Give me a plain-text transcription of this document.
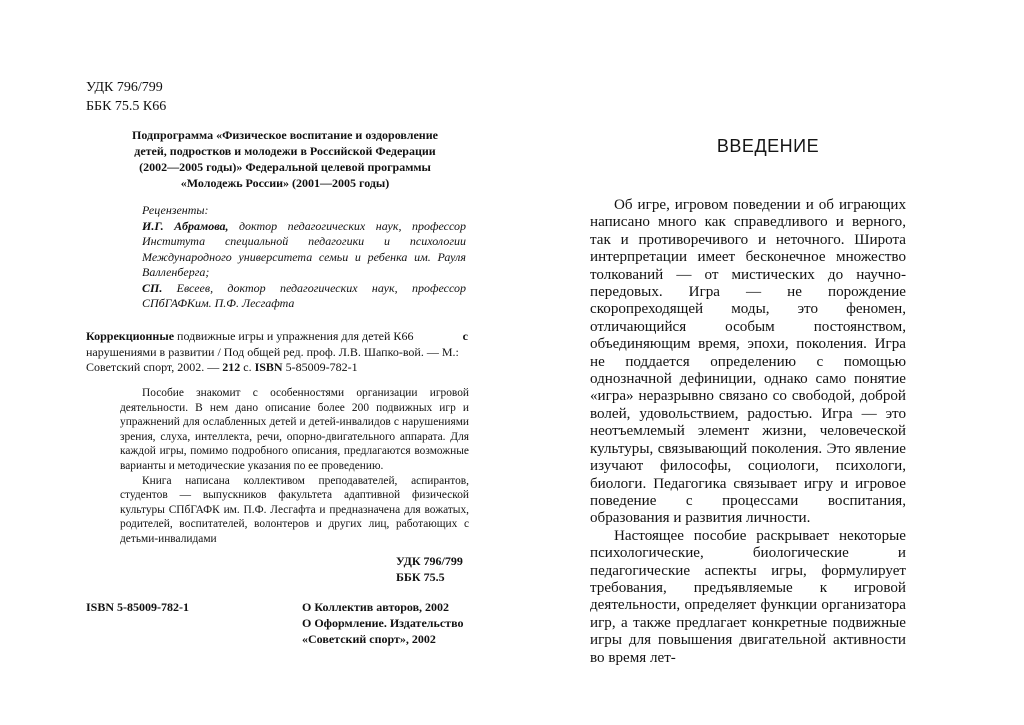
УДК 796/799
ББК 75.5 К66
Подпрограмма «Физическое воспитание и оздоровление
детей, подростков и молодежи в Российской Федерации
(2002—2005 годы)» Федеральной целевой программы
«Молодежь России» (2001—2005 годы)
Рецензенты:
И.Г. Абрамова, доктор педагогических наук, профессор Института специальной педагогики и психологии Международного университета семьи и ребенка им. Рауля Валленберга;
СП. Евсеев, доктор педагогических наук, профессор СПбГАФКим. П.Ф. Лесгафта
Коррекционные подвижные игры и упражнения для детей К66	с
нарушениями в развитии / Под общей ред. проф. Л.В. Шапко-вой. — М.:
Советский спорт, 2002. — 212 с. ISBN 5-85009-782-1

Пособие знакомит с особенностями организации игровой деятельности. В нем дано описание более 200 подвижных игр и упражнений для ослабленных детей и детей-инвалидов с нарушениями зрения, слуха, интеллекта, речи, опорно-двигательного аппарата. Для каждой игры, помимо подробного описания, предлагаются возможные варианты и методические указания по ее проведению.

Книга написана коллективом преподавателей, аспирантов, студентов — выпускников факультета адаптивной физической культуры СПбГАФК им. П.Ф. Лесгафта и предназначена для вожатых, родителей, воспитателей, волонтеров и других лиц, работающих с детьми-инвалидами

УДК 796/799
ББК 75.5
ISBN 5-85009-782-1	О Коллектив авторов, 2002
О Оформление. Издательство
«Советский спорт», 2002
ВВЕДЕНИЕ

Об игре, игровом поведении и об играющих написано много как справедливого и верного, так и противоречивого и неточного. Широта интерпретации имеет бесконечное множество толкований — от мистических до научно-передовых. Игра — не порождение скоропреходящей моды, это феномен, отличающийся особым постоянством, объединяющим время, эпохи, поколения. Игра не поддается определению с помощью однозначной дефиниции, однако само понятие «игра» неразрывно связано со свободой, доброй волей, удовольствием, радостью. Игра — это неотъемлемый элемент жизни, человеческой культуры, связывающий поколения. Это явление изучают философы, социологи, психологи, биологи. Педагогика связывает игру и игровое поведение с процессами воспитания, образования и развития личности.

Настоящее пособие раскрывает некоторые психологические, биологические и педагогические аспекты игры, формулирует требования, предъявляемые к игровой деятельности, определяет функции организатора игр, а также предлагает конкретные подвижные игры для повышения двигательной активности во время лет-
